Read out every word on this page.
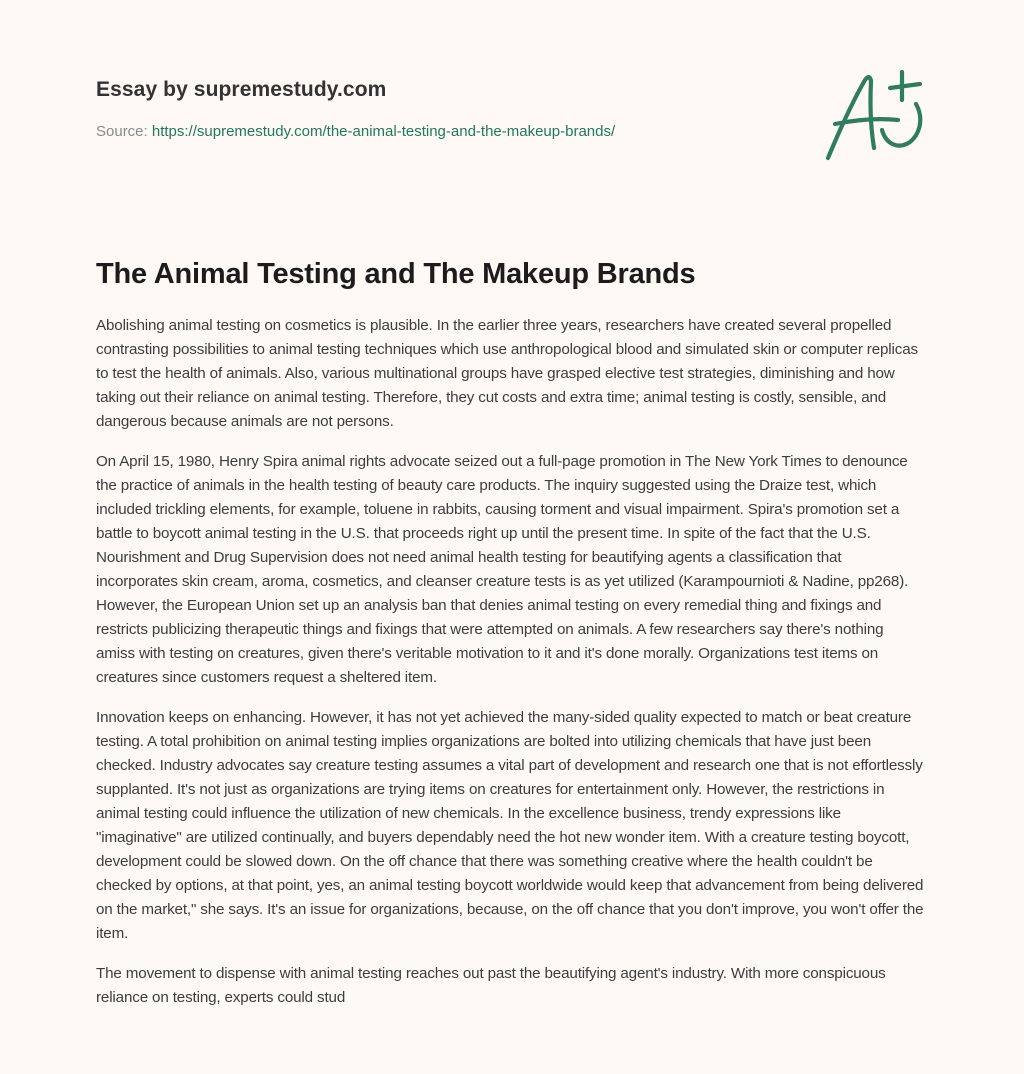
Essay by supremestudy.com
Source: https://supremestudy.com/the-animal-testing-and-the-makeup-brands/
The Animal Testing and The Makeup Brands

Abolishing animal testing on cosmetics is plausible. In the earlier three years, researchers have created several propelled contrasting possibilities to animal testing techniques which use anthropological blood and simulated skin or computer replicas to test the health of animals. Also, various multinational groups have grasped elective test strategies, diminishing and how taking out their reliance on animal testing. Therefore, they cut costs and extra time; animal testing is costly, sensible, and dangerous because animals are not persons.

On April 15, 1980, Henry Spira animal rights advocate seized out a full-page promotion in The New York Times to denounce the practice of animals in the health testing of beauty care products. The inquiry suggested using the Draize test, which included trickling elements, for example, toluene in rabbits, causing torment and visual impairment. Spira's promotion set a battle to boycott animal testing in the U.S. that proceeds right up until the present time. In spite of the fact that the U.S. Nourishment and Drug Supervision does not need animal health testing for beautifying agents a classification that incorporates skin cream, aroma, cosmetics, and cleanser creature tests is as yet utilized (Karampournioti & Nadine, pp268). However, the European Union set up an analysis ban that denies animal testing on every remedial thing and fixings and restricts publicizing therapeutic things and fixings that were attempted on animals. A few researchers say there's nothing amiss with testing on creatures, given there's veritable motivation to it and it's done morally. Organizations test items on creatures since customers request a sheltered item.

Innovation keeps on enhancing. However, it has not yet achieved the many-sided quality expected to match or beat creature testing. A total prohibition on animal testing implies organizations are bolted into utilizing chemicals that have just been checked. Industry advocates say creature testing assumes a vital part of development and research one that is not effortlessly supplanted. It's not just as organizations are trying items on creatures for entertainment only. However, the restrictions in animal testing could influence the utilization of new chemicals. In the excellence business, trendy expressions like "imaginative" are utilized continually, and buyers dependably need the hot new wonder item. With a creature testing boycott, development could be slowed down. On the off chance that there was something creative where the health couldn't be checked by options, at that point, yes, an animal testing boycott worldwide would keep that advancement from being delivered on the market," she says. It's an issue for organizations, because, on the off chance that you don't improve, you won't offer the item.

The movement to dispense with animal testing reaches out past the beautifying agent's industry. With more conspicuous reliance on testing, experts could stud
